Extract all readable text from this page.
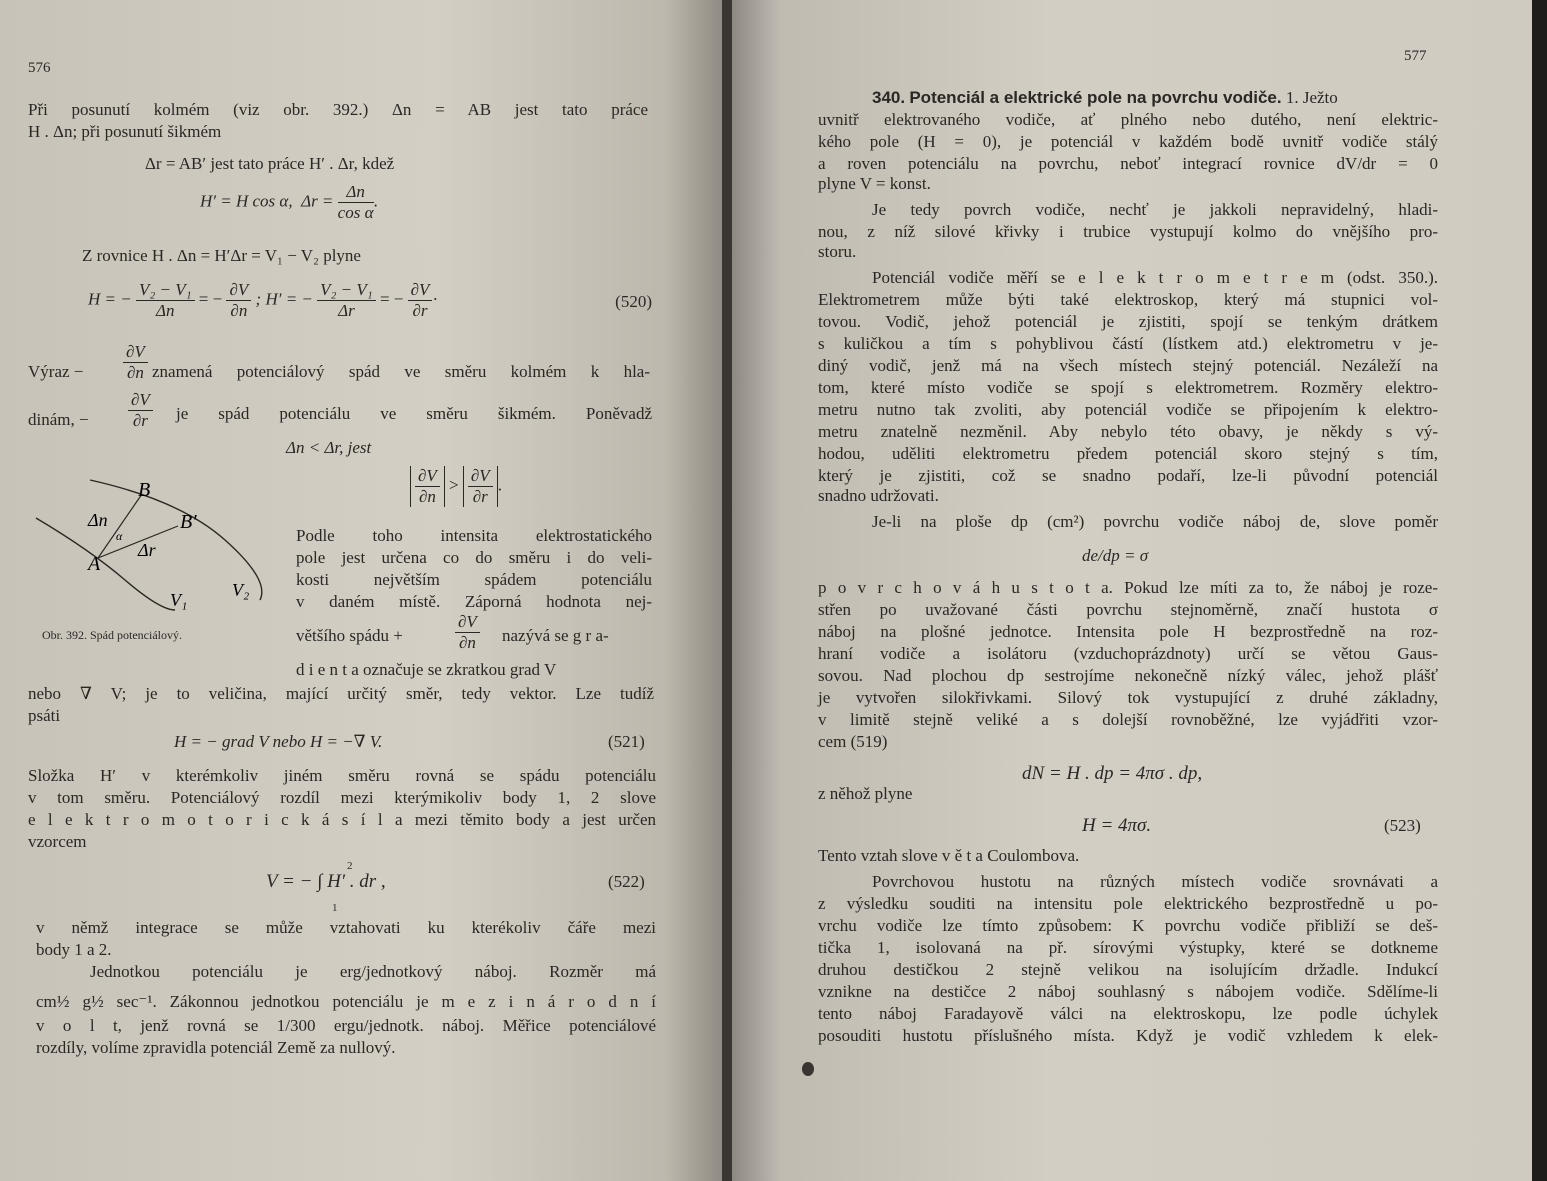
576
Při posunutí kolmém (viz obr. 392.) Δn = AB jest tato práce
H . Δn; při posunutí šikmém
Δr = AB′ jest tato práce H′ . Δr, kdež
H′ = H cos α, $\Delta r = \frac{\Delta n}{\text{cos α}}$ .
Z rovnice H . Δn = H′Δr = V₁ − V₂ plyne
H = − $\frac{\text{V₂ − V₁}}{\Delta n}$ = − $\frac{\partial V}{\partial n}$ ; H′ = − $\frac{\text{V₂ − V₁}}{\Delta r}$ = − $\frac{\partial V}{\partial r}$ ·	(520)
Výraz − $\frac{\partial V}{\partial n}$ znamená potenciálový spád ve směru kolmém k hla-
dinám, − $\frac{\partial V}{\partial r}$ je spád potenciálu ve směru šikmém. Poněvadž
Δn < Δr, jest
$\frac{\partial V}{\partial n} > \frac{\partial V}{\partial r}$ .
B
B′
A
Δn
Δr
α
V₁ V₂
Obr. 392. Spád potenciálový.
Podle toho intensita elektrostatického
pole jest určena co do směru i do veli-
kosti největším spádem potenciálu
v daném místě. Záporná hodnota nej-
většího spádu +	$\frac{\partial V}{\partial n}$ nazývá se g r a-
d i e n t a označuje se zkratkou grad V
nebo ∇ V; je to veličina, mající určitý směr, tedy vektor. Lze tudíž
psáti
H = − grad V nebo H = −∇ V.	(521)
Složka H′ v kterémkoliv jiném směru rovná se spádu potenciálu
v tom směru. Potenciálový rozdíl mezi kterýmikoliv body 1, 2 slove
e l e k t r o m o t o r i c k á s í l a mezi těmito body a jest určen
vzorcem
2
V = − ∫ H′ . dr ,
1
(522)
v němž integrace se může vztahovati ku kterékoliv čáře mezi
body 1 a 2.
Jednotkou potenciálu je erg/jednotkový náboj. Rozměr má
cm½ g½ sec⁻¹. Zákonnou jednotkou potenciálu je m e z i n á r o d n í
v o l t, jenž rovná se 1/300 ergu/jednotk. náboj. Měřice potenciálové
rozdíly, volíme zpravidla potenciál Země za nullový.
577
340. Potenciál a elektrické pole na povrchu vodiče. 1. Ježto
uvnitř elektrovaného vodiče, ať plného nebo dutého, není elektric-
kého pole (H = 0), je potenciál v každém bodě uvnitř vodiče stálý
a roven potenciálu na povrchu, neboť integrací rovnice dV/dr = 0
plyne V = konst.
Je tedy povrch vodiče, nechť je jakkoli nepravidelný, hladi-
nou, z níž silové křivky i trubice vystupují kolmo do vnějšího pro-
storu.
Potenciál vodiče měří se e l e k t r o m e t r e m (odst. 350.).
Elektrometrem může býti také elektroskop, který má stupnici vol-
tovou. Vodič, jehož potenciál je zjistiti, spojí se tenkým drátkem
s kuličkou a tím s pohyblivou částí (lístkem atd.) elektrometru v je-
diný vodič, jenž má na všech místech stejný potenciál. Nezáleží na
tom, které místo vodiče se spojí s elektrometrem. Rozměry elektro-
metru nutno tak zvoliti, aby potenciál vodiče se připojením k elektro-
metru znatelně nezměnil. Aby nebylo této obavy, je někdy s vý-
hodou, uděliti elektrometru předem potenciál skoro stejný s tím,
který je zjistiti, což se snadno podaří, lze-li původní potenciál
snadno udržovati.
Je-li na ploše dp (cm²) povrchu vodiče náboj de, slove poměr
de/dp = σ
p o v r c h o v á h u s t o t a. Pokud lze míti za to, že náboj je roze-
střen po uvažované části povrchu stejnoměrně, značí hustota σ
náboj na plošné jednotce. Intensita pole H bezprostředně na roz-
hraní vodiče a isolátoru (vzduchoprázdnoty) určí se větou Gaus-
sovou. Nad plochou dp sestrojíme nekonečně nízký válec, jehož plášť
je vytvořen silokřivkami. Silový tok vystupující z druhé základny,
v limitě stejně veliké a s dolejší rovnoběžné, lze vyjádřiti vzor-
cem (519)
dN = H . dp = 4πσ . dp,
z něhož plyne
H = 4πσ.	(523)
Tento vztah slove v ě t a Coulombova.
Povrchovou hustotu na různých místech vodiče srovnávati a
z výsledku souditi na intensitu pole elektrického bezprostředně u po-
vrchu vodiče lze tímto způsobem: K povrchu vodiče přibliží se deš-
tička 1, isolovaná na př. sírovými výstupky, které se dotkneme
druhou destičkou 2 stejně velikou na isolujícím držadle. Indukcí
vznikne na destičce 2 náboj souhlasný s nábojem vodiče. Sdělíme-li
tento náboj Faradayově válci na elektroskopu, lze podle úchylek
posouditi hustotu příslušného místa. Když je vodič vzhledem k elek-
